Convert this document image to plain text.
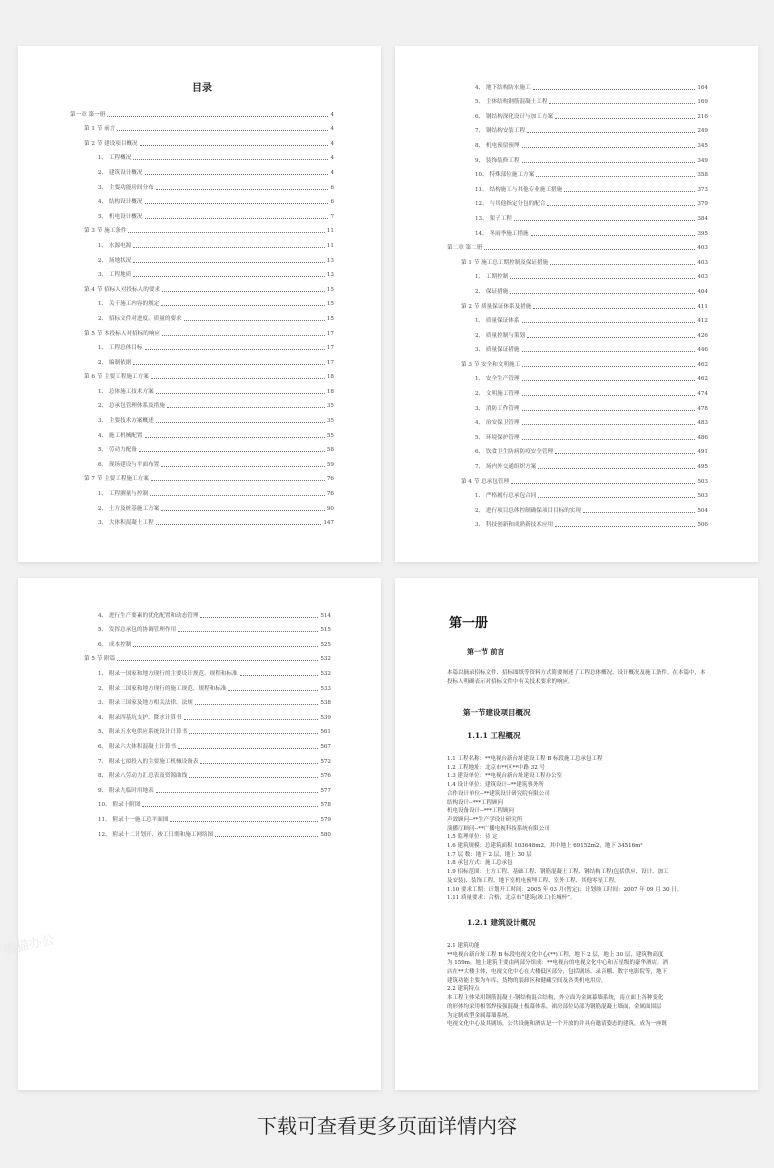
目录
第一章 第一册	4
第 1 节 前言	4
第 2 节 建设项目概况	4
1、 工程概况	4
2、 建筑设计概况	4
3、 主要功能房间分布	6
4、 结构设计概况	6
5、 机电设计概况	7
第 3 节 施工条件	11
1、 水源电源	11
2、 场地状况	13
3、 工程地质	13
第 4 节 招标人对投标人的要求	15
1、 关于施工内容的规定	15
2、 招标文件对进度、质量的要求	15
第 5 节 本投标人对招标的响应	17
1、 工程总体目标	17
2、 编制依据	17
第 6 节 主要工程施工方案	18
1、 总体施工技术方案	18
2、 总承包管理体系及措施	35
3、 主要技术方案概述	35
4、 施工机械配置	55
5、 劳动力配备	58
6、 现场建设与平面布置	59
第 7 节 主要工程施工方案	76
1、 工程测量与控制	76
2、 土方及桩基施工方案	90
3、 大体积混凝土工程	147
4、 地下结构防水施工	164
5、 主体结构钢筋混凝土工程	169
6、 钢结构深化设计与加工方案	216
7、 钢结构安装工程	249
8、 机电预留预埋	345
9、 装饰装修工程	349
10、 特殊部位施工方案	358
11、 结构施工与其他专业施工措施	373
12、 与其他指定分包的配合	379
13、 架子工程	384
14、 冬雨季施工措施	395
第二章 第二册	403
第 1 节 施工总工期控制及保证措施	403
1、 工期控制	403
2、 保证措施	404
第 2 节 质量保证体系及措施	411
1、 质量保证体系	412
2、 质量控制与策划	426
3、 质量保证措施	446
第 3 节 安全和文明施工	462
1、 安全生产管理	462
2、 文明施工管理	474
3、 消防工作管理	478
4、 治安保卫管理	483
5、 环境保护管理	486
6、 饮食卫生防病防疫安全管理	491
7、 场内外交通组织方案	495
第 4 节 总承包管理	503
1、 严格履行总承包合同	503
2、 进行项目总体控制确保项目目标的实现	504
3、 科技创新和成熟新技术应用	506
4、 进行生产要素的优化配置和动态管理	514
5、 发挥总承包的协调管理作用	515
6、 成本控制	525
第 5 节 附篇	532
1、 附录一国家和地方现行的主要设计规范、规程和标准	532
2、 附录二国家和地方现行的施工规范、规程和标准	533
3、 附录三国家及地方相关法律、法规	538
4、 附录四基坑支护、降水计算书	539
5、 附录五水电供应系统设计计算书	561
6、 附录六大体积混凝土计算书	567
7、 附录七拟投入的主要施工机械设备表	572
8、 附录八劳动力汇总表及资源曲线	576
9、 附录九临时用地表	577
10、 附录十附图	578
11、 附录十一施工总平面图	579
12、 附录十二计划开、竣工日期和施工网络图	580
第一册
第一节 前言
本篇以摘录招标文件、招标图纸等资料方式简要阐述了工程总体概况、设计概况及施工条件。在本篇中，本投标人明确表示对招标文件中有关技术要求的响应。
第一节建设项目概况
1.1.1 工程概况
1.1 工程名称：**电视台新台址建设工程 B 标段施工总承包工程
1.2 工程地址：北京市**区**中路 32 号
1.3 建设单位：**电视台新台址建设工程办公室
1.4 设计单位：建筑设计--**建筑事务所
合作设计单位--**建筑设计研究院有限公司
结构设计--***工程顾问
机电设备设计--***工程顾问
声效顾问--**生产学设计研究所
演播厅顾问--**广播电视科技系统有限公司
1.5 监理单位：待 定
1.6 建筑规模：总建筑面积 103648m2，其中地上 69152m2，地下 34516m²
1.7 层 数：地下 2 层，地上 30 层
1.8 承包方式：施工总承包
1.9 招标范围：土方工程、基础工程、钢筋混凝土工程、钢结构工程(包括供应、设计、加工
及安装)、装饰工程、地下室机电预埋工程、室外工程、其他零星工程。
1.10 要求工期：计划开工时间：2005 年 03 月(暂定)；计划竣工时间：2007 年 09 月 30 日。
1.11 质量要求：合格，北京市“建筑(竣工)长城杯”。
1.2.1 建筑设计概况
2.1 建筑功能
**电视台新台址工程 B 标段电视文化中心(**)工程，地下 2 层，地上 30 层，建筑物高度
为 159m。地上建筑主要由两部分组成：**电视台的电视文化中心和五星级的豪华酒店。酒
店在**大楼主体，电视文化中心在大楼低区部分，包括剧场、录音棚、数字电影院等，地下
建筑功能主要为车库、货物的装卸区和健藏空间及各类机电用房。
2.2 建筑特点
本工程主体采用钢筋混凝土-钢结构混合结构，外立面为金属幕墙系统，南立面上各种变化
的形体均采用相邻焊接强混凝土板幕体系，裙房部位局部为钢筋混凝土墙面，金属面围层
为定制成型金属幕墙系统。
电视文化中心及其剧场，公共设施和酒店是一个开放的并具有邀请姿态的建筑，成为一座既
熊猫办公
下载可查看更多页面详情内容
